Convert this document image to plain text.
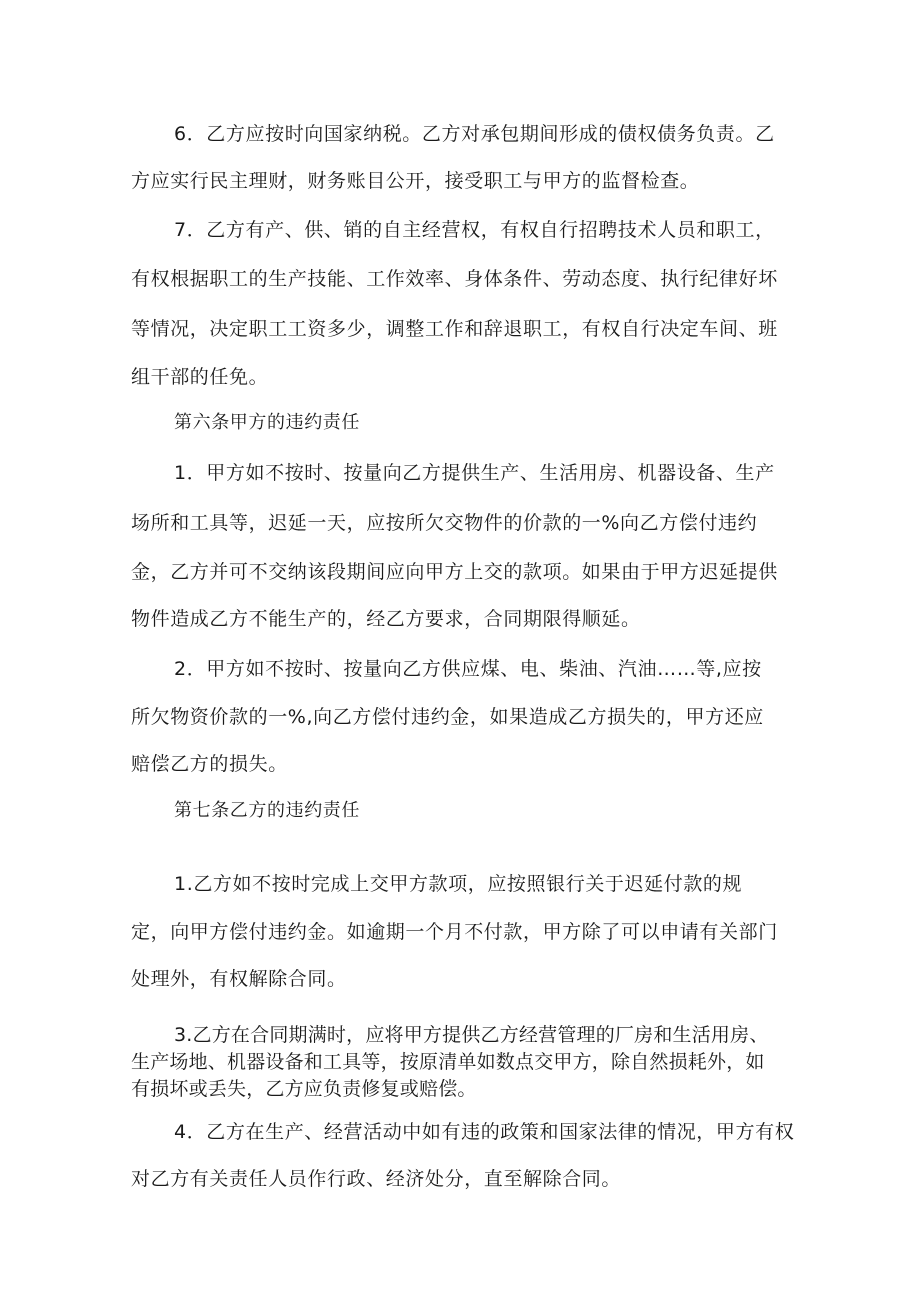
6．乙方应按时向国家纳税。乙方对承包期间形成的债权债务负责。乙
方应实行民主理财，财务账目公开，接受职工与甲方的监督检查。
7．乙方有产、供、销的自主经营权，有权自行招聘技术人员和职工，
有权根据职工的生产技能、工作效率、身体条件、劳动态度、执行纪律好坏
等情况，决定职工工资多少，调整工作和辞退职工，有权自行决定车间、班
组干部的任免。
第六条甲方的违约责任
1．甲方如不按时、按量向乙方提供生产、生活用房、机器设备、生产
场所和工具等，迟延一天，应按所欠交物件的价款的一%向乙方偿付违约
金，乙方并可不交纳该段期间应向甲方上交的款项。如果由于甲方迟延提供
物件造成乙方不能生产的，经乙方要求，合同期限得顺延。
2．甲方如不按时、按量向乙方供应煤、电、柴油、汽油……等,应按
所欠物资价款的一%,向乙方偿付违约金，如果造成乙方损失的，甲方还应
赔偿乙方的损失。
第七条乙方的违约责任
1.乙方如不按时完成上交甲方款项，应按照银行关于迟延付款的规
定，向甲方偿付违约金。如逾期一个月不付款，甲方除了可以申请有关部门
处理外，有权解除合同。
3.乙方在合同期满时，应将甲方提供乙方经营管理的厂房和生活用房、
生产场地、机器设备和工具等，按原清单如数点交甲方，除自然损耗外，如
有损坏或丢失，乙方应负责修复或赔偿。
4．乙方在生产、经营活动中如有违的政策和国家法律的情况，甲方有权
对乙方有关责任人员作行政、经济处分，直至解除合同。
